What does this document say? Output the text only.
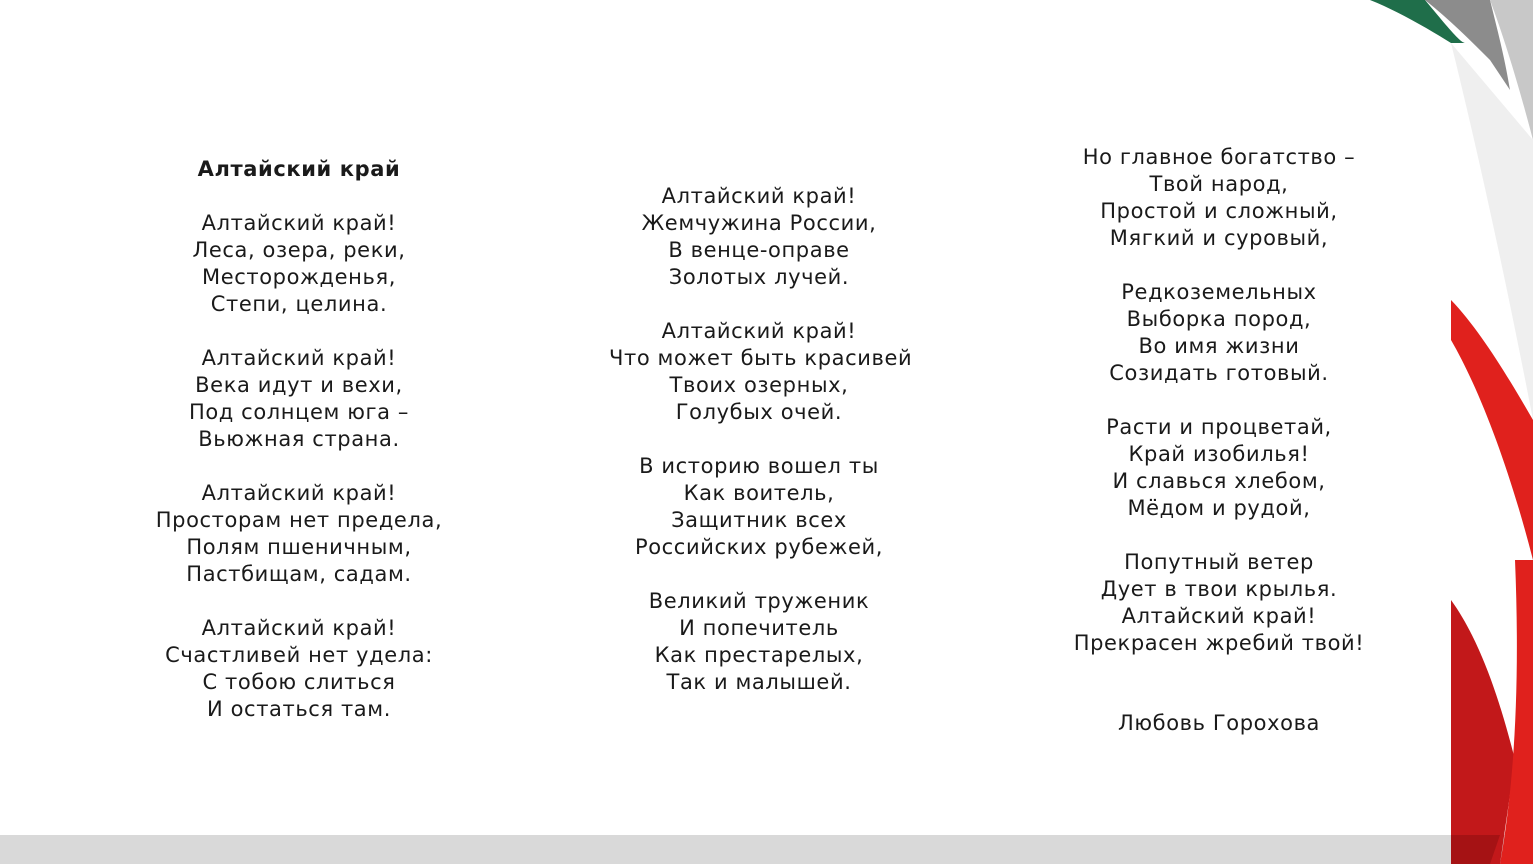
Алтайский край
Алтайский край!
Леса, озера, реки,
Месторожденья,
Степи, целина.
Алтайский край!
Века идут и вехи,
Под солнцем юга –
Вьюжная страна.
Алтайский край!
Просторам нет предела,
Полям пшеничным,
Пастбищам, садам.
Алтайский край!
Счастливей нет удела:
С тобою слиться
И остаться там.
Алтайский край!
Жемчужина России,
В венце-оправе
Золотых лучей.
Алтайский край!
Что может быть красивей
Твоих озерных,
Голубых очей.
В историю вошел ты
Как воитель,
Защитник всех
Российских рубежей,
Великий труженик
И попечитель
Как престарелых,
Так и малышей.
Но главное богатство –
Твой народ,
Простой и сложный,
Мягкий и суровый,
Редкоземельных
Выборка пород,
Во имя жизни
Созидать готовый.
Расти и процветай,
Край изобилья!
И славься хлебом,
Мёдом и рудой,
Попутный ветер
Дует в твои крылья.
Алтайский край!
Прекрасен жребий твой!
Любовь Горохова
